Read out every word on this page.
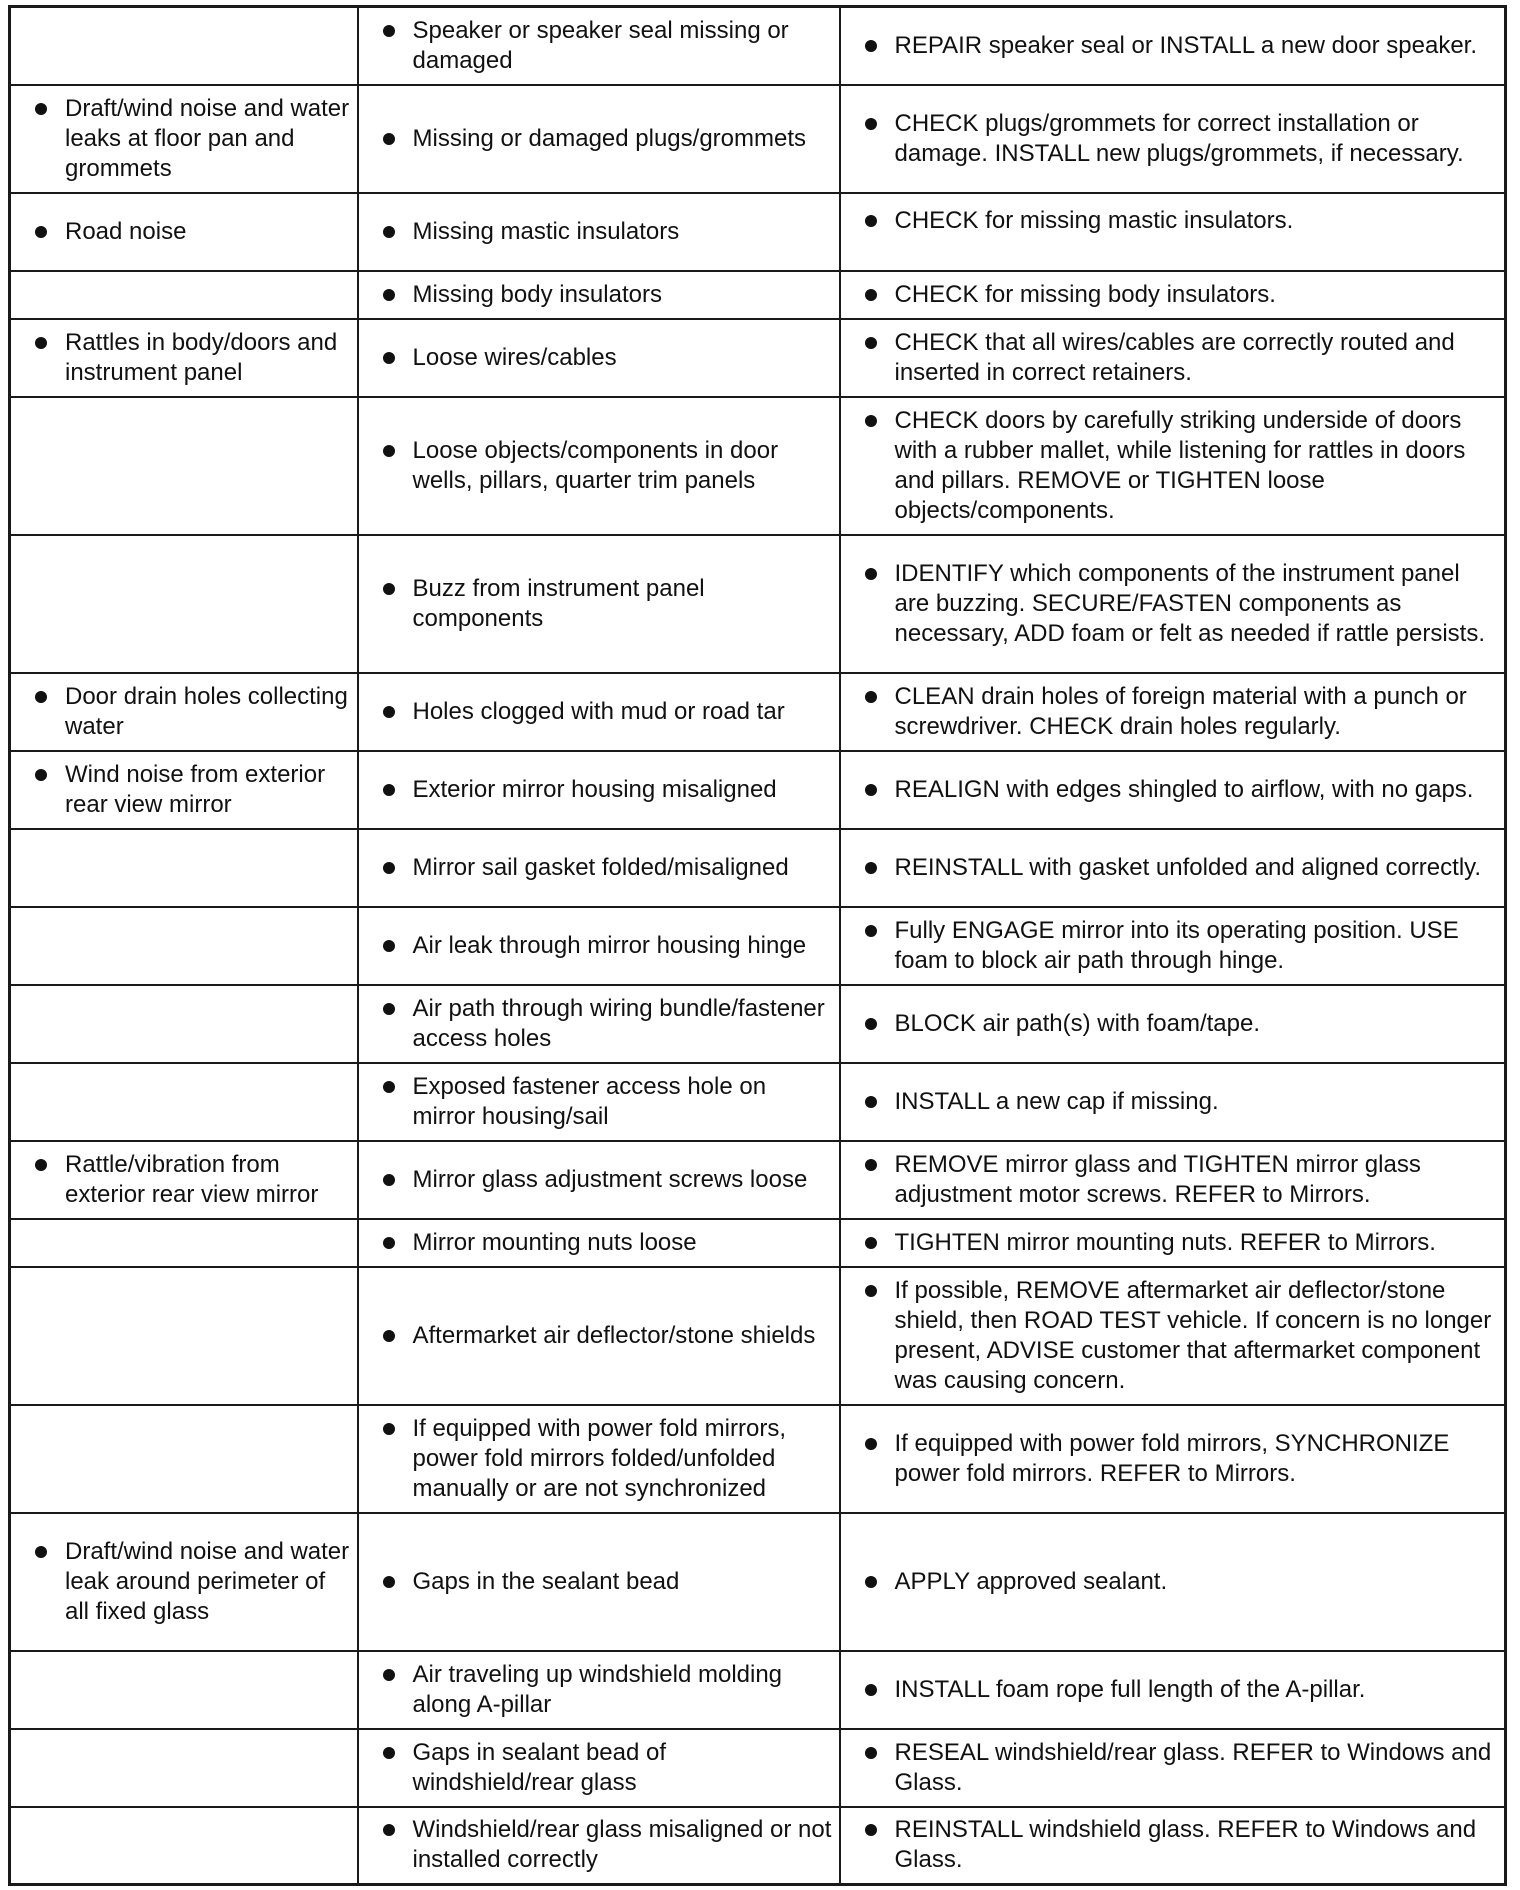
	Speaker or speaker seal missing or damaged	REPAIR speaker seal or INSTALL a new door speaker.

Draft/wind noise and water leaks at floor pan and grommets	Missing or damaged plugs/grommets	CHECK plugs/grommets for correct installation or damage. INSTALL new plugs/grommets, if necessary.

Road noise	Missing mastic insulators	CHECK for missing mastic insulators.

	Missing body insulators	CHECK for missing body insulators.

Rattles in body/doors and instrument panel	Loose wires/cables	CHECK that all wires/cables are correctly routed and inserted in correct retainers.

	Loose objects/components in door wells, pillars, quarter trim panels	CHECK doors by carefully striking underside of doors with a rubber mallet, while listening for rattles in doors and pillars. REMOVE or TIGHTEN loose objects/components.

	Buzz from instrument panel components	IDENTIFY which components of the instrument panel are buzzing. SECURE/FASTEN components as necessary, ADD foam or felt as needed if rattle persists.

Door drain holes collecting water	Holes clogged with mud or road tar	CLEAN drain holes of foreign material with a punch or screwdriver. CHECK drain holes regularly.

Wind noise from exterior rear view mirror	Exterior mirror housing misaligned	REALIGN with edges shingled to airflow, with no gaps.

	Mirror sail gasket folded/misaligned	REINSTALL with gasket unfolded and aligned correctly.

	Air leak through mirror housing hinge	Fully ENGAGE mirror into its operating position. USE foam to block air path through hinge.

	Air path through wiring bundle/fastener access holes	BLOCK air path(s) with foam/tape.

	Exposed fastener access hole on mirror housing/sail	INSTALL a new cap if missing.

Rattle/vibration from exterior rear view mirror	Mirror glass adjustment screws loose	REMOVE mirror glass and TIGHTEN mirror glass adjustment motor screws. REFER to Mirrors.

	Mirror mounting nuts loose	TIGHTEN mirror mounting nuts. REFER to Mirrors.

	Aftermarket air deflector/stone shields	If possible, REMOVE aftermarket air deflector/stone shield, then ROAD TEST vehicle. If concern is no longer present, ADVISE customer that aftermarket component was causing concern.

	If equipped with power fold mirrors, power fold mirrors folded/unfolded manually or are not synchronized	If equipped with power fold mirrors, SYNCHRONIZE power fold mirrors. REFER to Mirrors.

Draft/wind noise and water leak around perimeter of all fixed glass	Gaps in the sealant bead	APPLY approved sealant.

	Air traveling up windshield molding along A-pillar	INSTALL foam rope full length of the A-pillar.

	Gaps in sealant bead of windshield/rear glass	RESEAL windshield/rear glass. REFER to Windows and Glass.

	Windshield/rear glass misaligned or not installed correctly	REINSTALL windshield glass. REFER to Windows and Glass.
